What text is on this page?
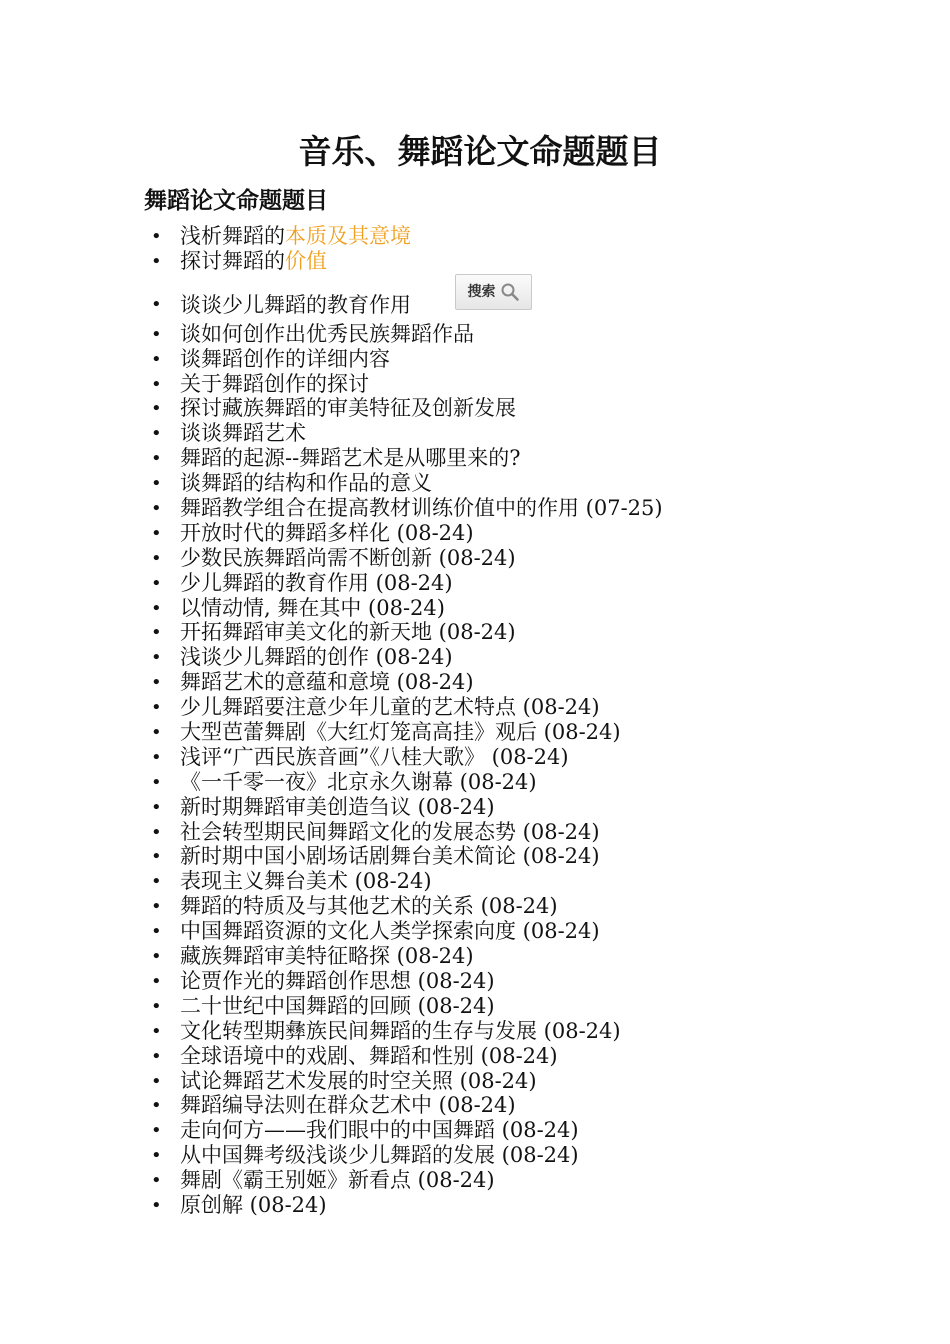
音乐、舞蹈论文命题题目
舞蹈论文命题题目
• 浅析舞蹈的本质及其意境
• 探讨舞蹈的价值
• 谈谈少儿舞蹈的教育作用
搜索
• 谈如何创作出优秀民族舞蹈作品
• 谈舞蹈创作的详细内容
• 关于舞蹈创作的探讨
• 探讨藏族舞蹈的审美特征及创新发展
• 谈谈舞蹈艺术
• 舞蹈的起源--舞蹈艺术是从哪里来的?
• 谈舞蹈的结构和作品的意义
• 舞蹈教学组合在提高教材训练价值中的作用 (07-25)
• 开放时代的舞蹈多样化 (08-24)
• 少数民族舞蹈尚需不断创新 (08-24)
• 少儿舞蹈的教育作用 (08-24)
• 以情动情, 舞在其中 (08-24)
• 开拓舞蹈审美文化的新天地 (08-24)
• 浅谈少儿舞蹈的创作 (08-24)
• 舞蹈艺术的意蕴和意境 (08-24)
• 少儿舞蹈要注意少年儿童的艺术特点 (08-24)
• 大型芭蕾舞剧《大红灯笼高高挂》观后 (08-24)
• 浅评“广西民族音画”《八桂大歌》 (08-24)
• 《一千零一夜》北京永久谢幕 (08-24)
• 新时期舞蹈审美创造刍议 (08-24)
• 社会转型期民间舞蹈文化的发展态势 (08-24)
• 新时期中国小剧场话剧舞台美术简论 (08-24)
• 表现主义舞台美术 (08-24)
• 舞蹈的特质及与其他艺术的关系 (08-24)
• 中国舞蹈资源的文化人类学探索向度 (08-24)
• 藏族舞蹈审美特征略探 (08-24)
• 论贾作光的舞蹈创作思想 (08-24)
• 二十世纪中国舞蹈的回顾 (08-24)
• 文化转型期彝族民间舞蹈的生存与发展 (08-24)
• 全球语境中的戏剧、舞蹈和性别 (08-24)
• 试论舞蹈艺术发展的时空关照 (08-24)
• 舞蹈编导法则在群众艺术中 (08-24)
• 走向何方——我们眼中的中国舞蹈 (08-24)
• 从中国舞考级浅谈少儿舞蹈的发展 (08-24)
• 舞剧《霸王别姬》新看点 (08-24)
• 原创解 (08-24)
